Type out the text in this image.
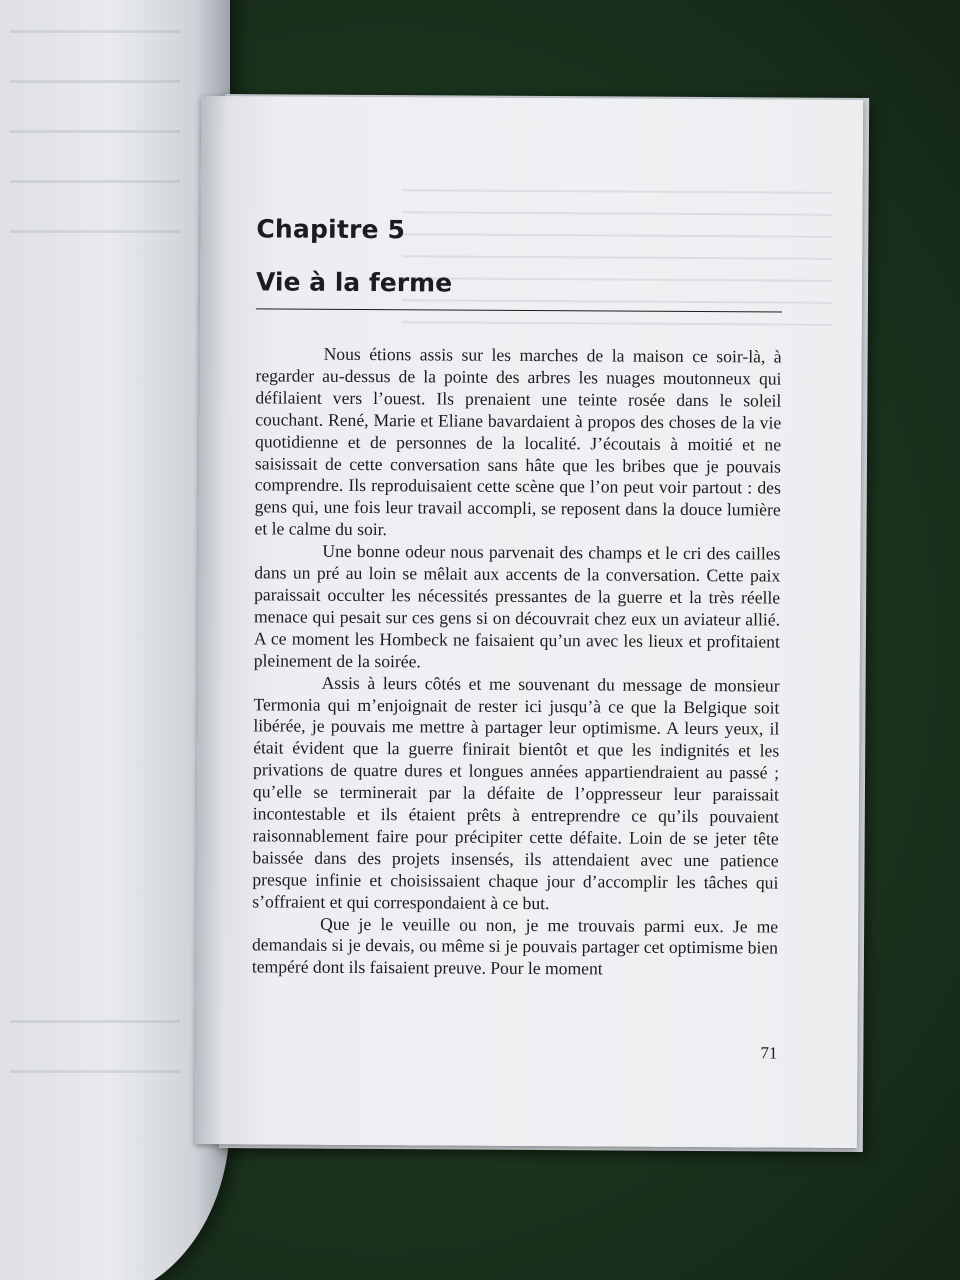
Chapitre 5
Vie à la ferme

Nous étions assis sur les marches de la maison ce soir-là, à regarder au-dessus de la pointe des arbres les nuages moutonneux qui défilaient vers l’ouest. Ils prenaient une teinte rosée dans le soleil couchant. René, Marie et Eliane bavardaient à propos des choses de la vie quotidienne et de personnes de la localité. J’écoutais à moitié et ne saisissait de cette conversation sans hâte que les bribes que je pouvais comprendre. Ils reproduisaient cette scène que l’on peut voir partout : des gens qui, une fois leur travail accompli, se reposent dans la douce lumière et le calme du soir.

Une bonne odeur nous parvenait des champs et le cri des cailles dans un pré au loin se mêlait aux accents de la conversation. Cette paix paraissait occulter les nécessités pressantes de la guerre et la très réelle menace qui pesait sur ces gens si on découvrait chez eux un aviateur allié. A ce moment les Hombeck ne faisaient qu’un avec les lieux et profitaient pleinement de la soirée.

Assis à leurs côtés et me souvenant du message de monsieur Termonia qui m’enjoignait de rester ici jusqu’à ce que la Belgique soit libérée, je pouvais me mettre à partager leur optimisme. A leurs yeux, il était évident que la guerre finirait bientôt et que les indignités et les privations de quatre dures et longues années appartiendraient au passé ; qu’elle se terminerait par la défaite de l’oppresseur leur paraissait incontestable et ils étaient prêts à entreprendre ce qu’ils pouvaient raisonnablement faire pour précipiter cette défaite. Loin de se jeter tête baissée dans des projets insensés, ils attendaient avec une patience presque infinie et choisissaient chaque jour d’accomplir les tâches qui s’offraient et qui correspondaient à ce but.

Que je le veuille ou non, je me trouvais parmi eux. Je me demandais si je devais, ou même si je pouvais partager cet optimisme bien tempéré dont ils faisaient preuve. Pour le moment

71
